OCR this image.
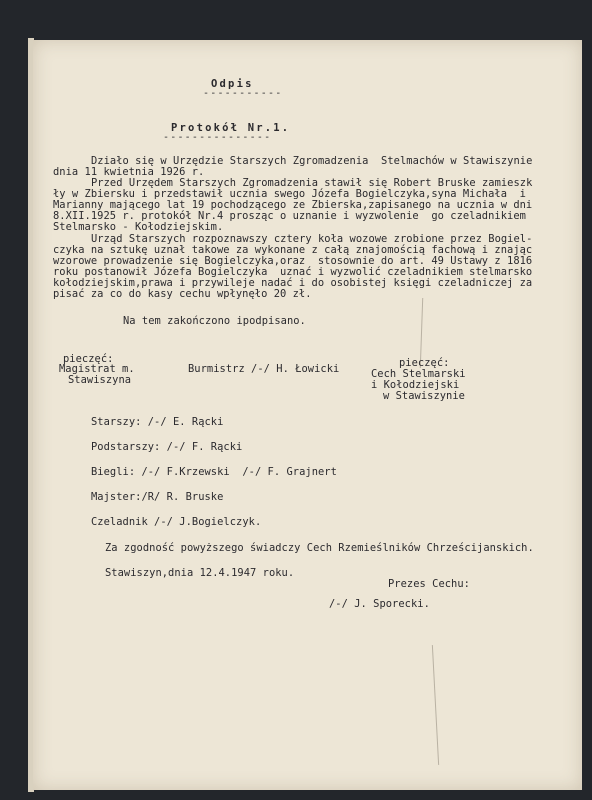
Odpis
-----------
Protokół Nr.1.
---------------
Działo się w Urzędzie Starszych Zgromadzenia  Stelmachów w Stawiszynie
dnia 11 kwietnia 1926 r.
Przed Urzędem Starszych Zgromadzenia stawił się Robert Bruske zamieszk
ły w Zbiersku i przedstawił ucznia swego Józefa Bogielczyka,syna Michała  i
Marianny mającego lat 19 pochodzącego ze Zbierska,zapisanego na ucznia w dni
8.XII.1925 r. protokół Nr.4 prosząc o uznanie i wyzwolenie  go czeladnikiem
Stelmarsko - Kołodziejskim.
Urząd Starszych rozpoznawszy cztery koła wozowe zrobione przez Bogiel-
czyka na sztukę uznał takowe za wykonane z całą znajomością fachową i znając
wzorowe prowadzenie się Bogielczyka,oraz  stosownie do art. 49 Ustawy z 1816
roku postanowił Józefa Bogielczyka  uznać i wyzwolić czeladnikiem stelmarsko
kołodziejskim,prawa i przywileje nadać i do osobistej księgi czeladniczej za
pisać za co do kasy cechu wpłynęło 20 zł.
Na tem zakończono ipodpisano.
pieczęć:
Magistrat m.
Stawiszyna
Burmistrz /-/ H. Łowicki	pieczęć:
Cech Stelmarski
i Kołodziejski
w Stawiszynie
Starszy: /-/ E. Rącki
Podstarszy: /-/ F. Rącki
Biegli: /-/ F.Krzewski  /-/ F. Grajnert
Majster:/R/ R. Bruske
Czeladnik /-/ J.Bogielczyk.
Za zgodność powyższego świadczy Cech Rzemieślników Chrześcijanskich.
Stawiszyn,dnia 12.4.1947 roku.
Prezes Cechu:
/-/ J. Sporecki.
